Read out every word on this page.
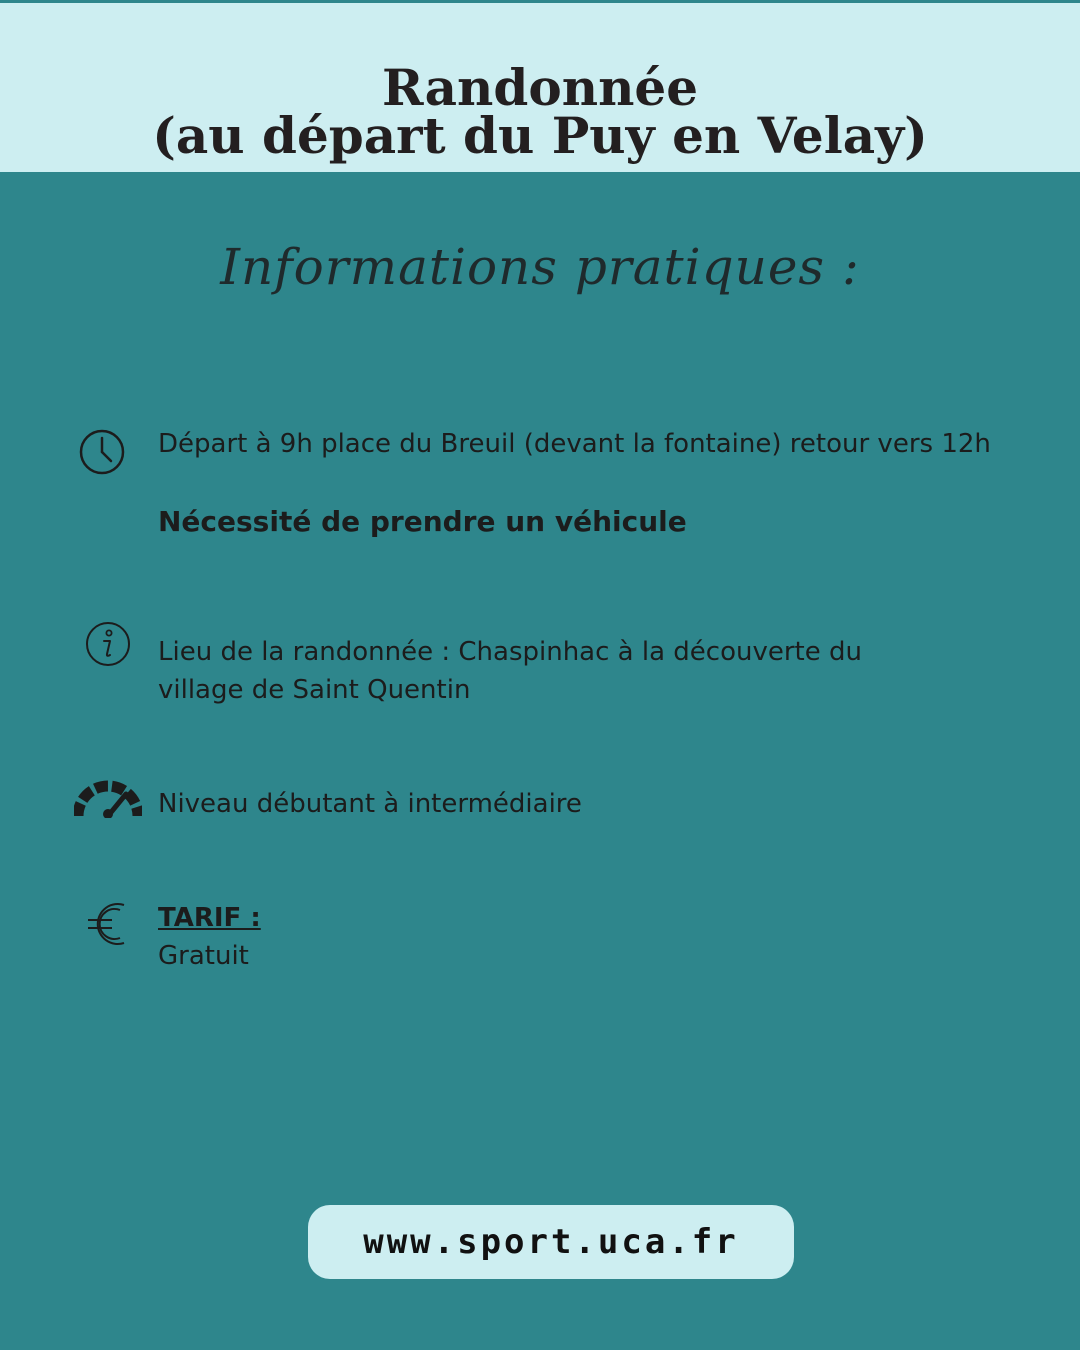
Randonnée
(au départ du Puy en Velay)
Informations pratiques :
Départ à 9h place du Breuil (devant la fontaine) retour vers 12h
Nécessité de prendre un véhicule
Lieu de la randonnée : Chaspinhac à la découverte du
village de Saint Quentin
Niveau débutant à intermédiaire
TARIF :
Gratuit
www.sport.uca.fr
